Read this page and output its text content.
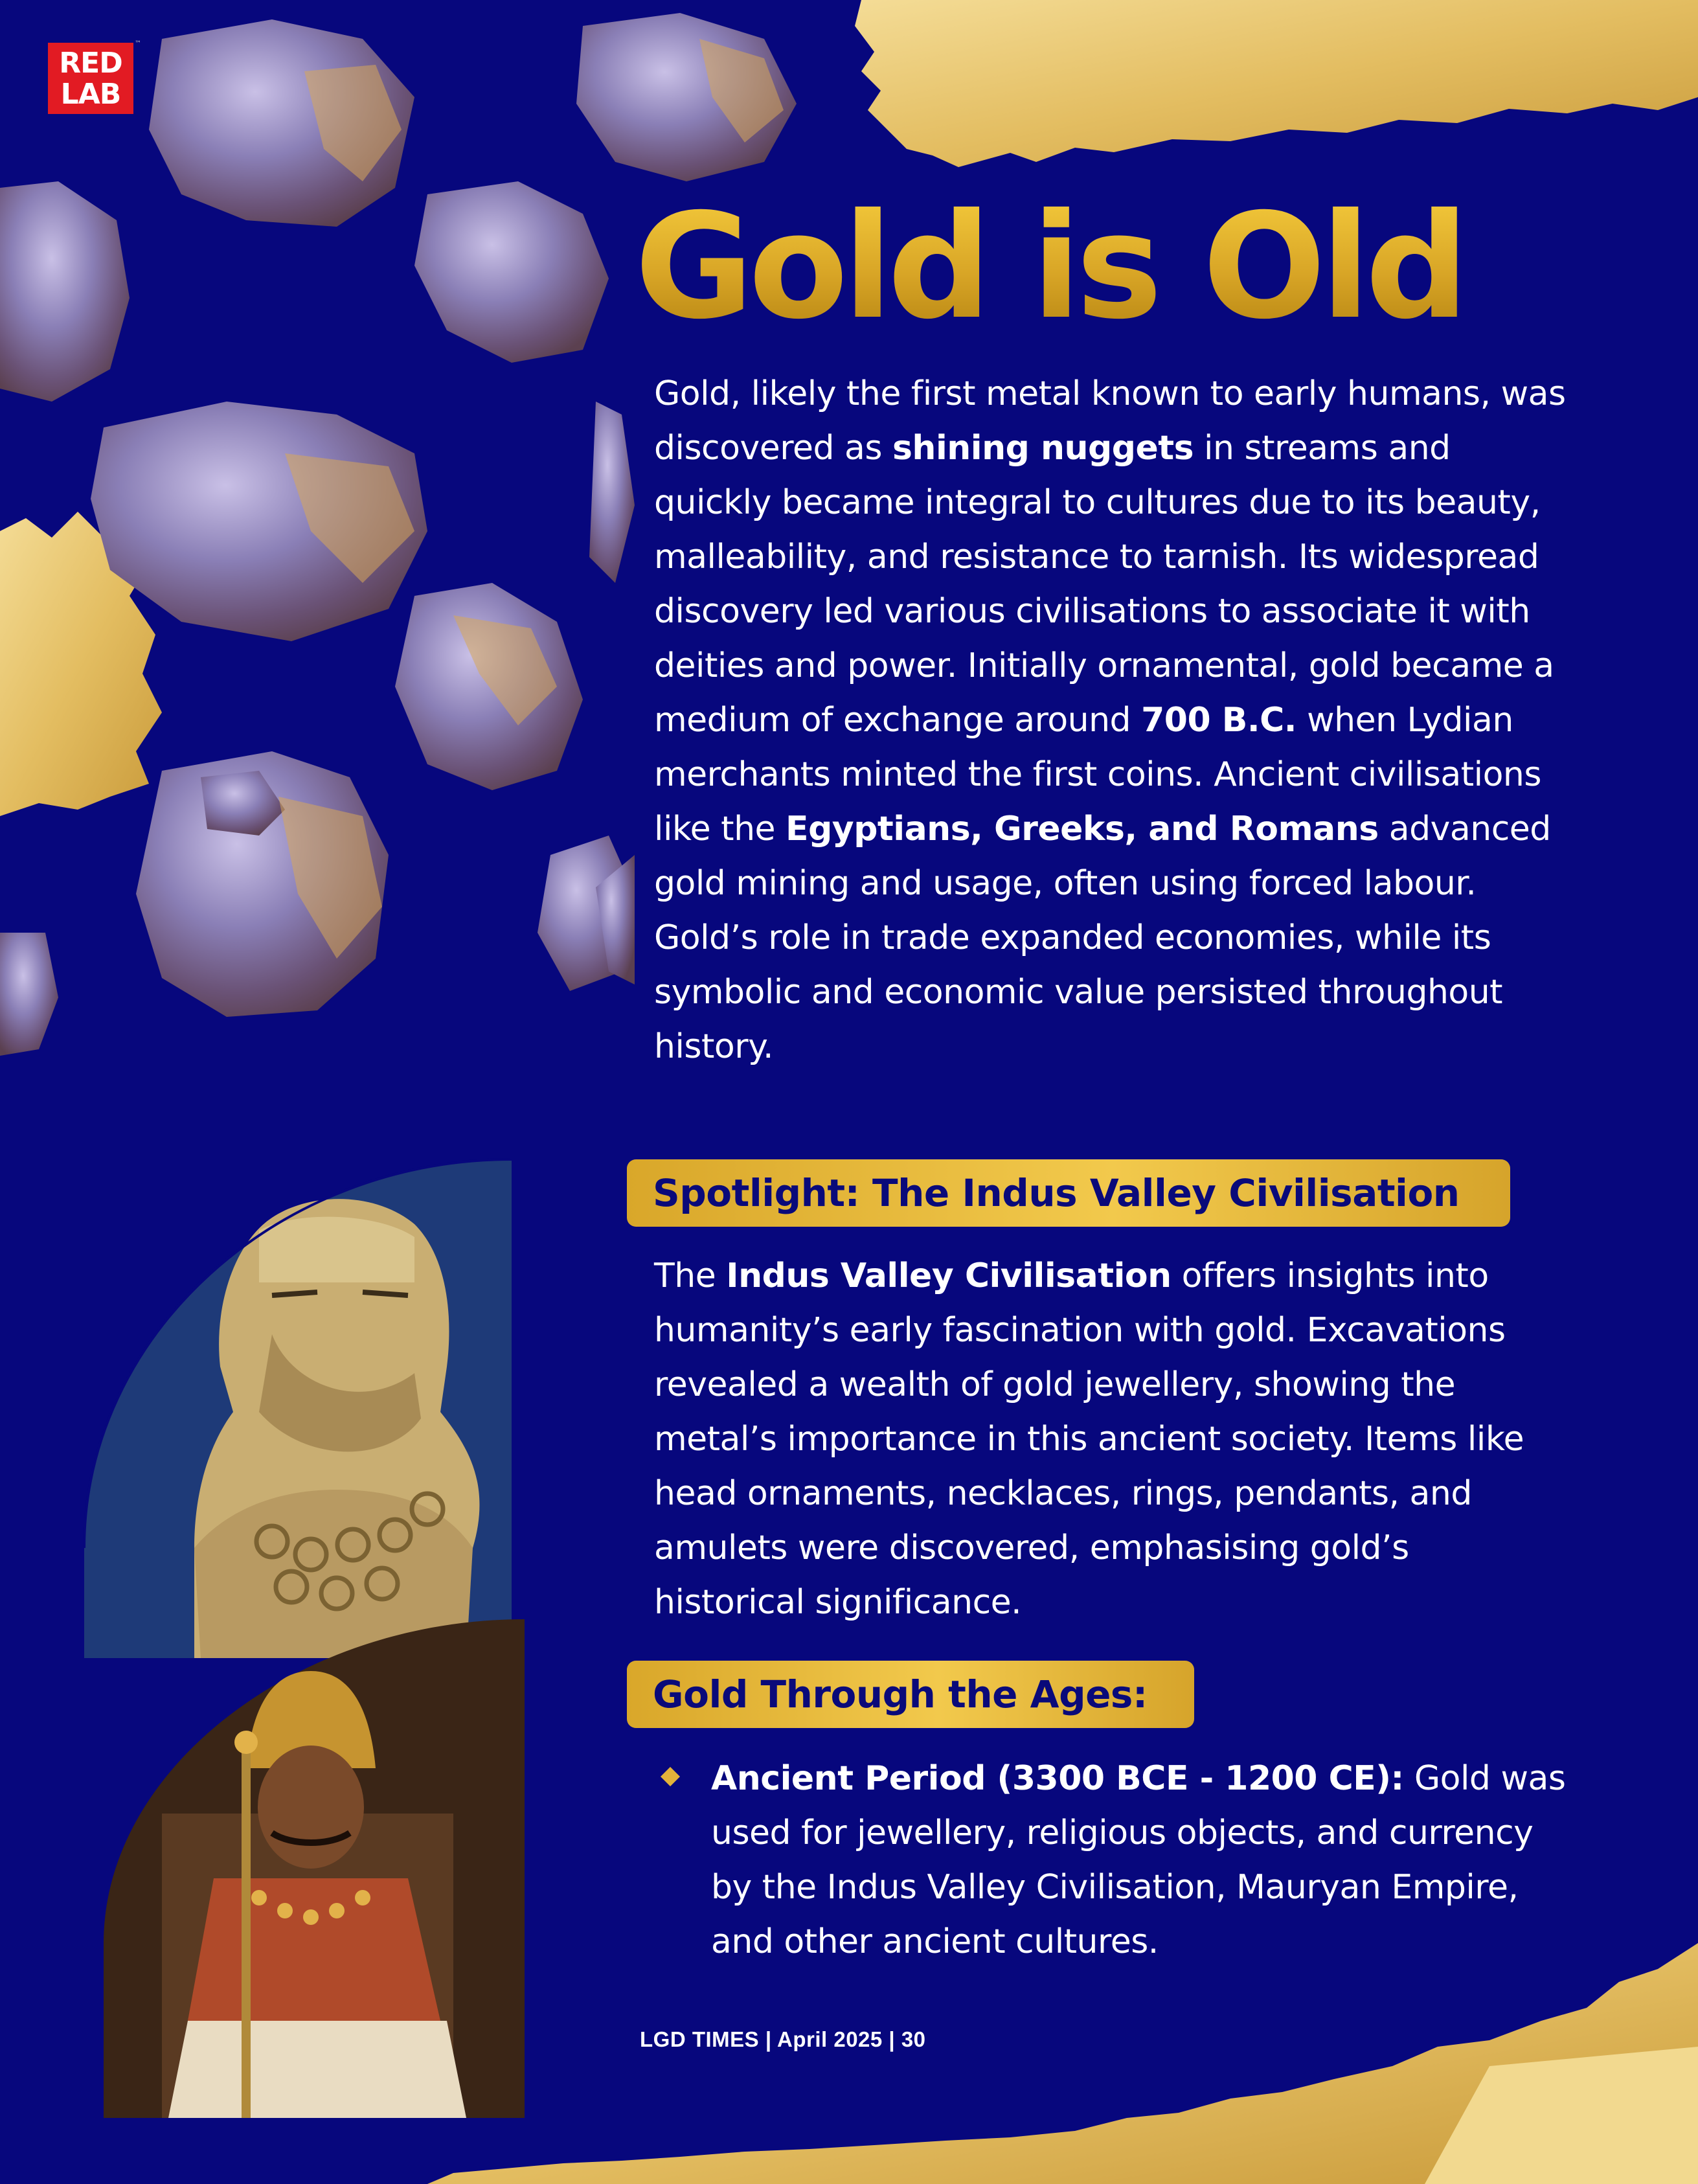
RED
LAB
™
Gold is Old
Gold, likely the first metal known to early humans, was discovered as shining nuggets in streams and quickly became integral to cultures due to its beauty, malleability, and resistance to tarnish. Its widespread discovery led various civilisations to associate it with deities and power. Initially ornamental, gold became a medium of exchange around 700 B.C. when Lydian merchants minted the first coins. Ancient civilisations like the Egyptians, Greeks, and Romans advanced gold mining and usage, often using forced labour. Gold’s role in trade expanded economies, while its symbolic and economic value persisted throughout history.
Spotlight: The Indus Valley Civilisation
The Indus Valley Civilisation offers insights into humanity’s early fascination with gold. Excavations revealed a wealth of gold jewellery, showing the metal’s importance in this ancient society. Items like head ornaments, necklaces, rings, pendants, and amulets were discovered, emphasising gold’s historical significance.
Gold Through the Ages:
Ancient Period (3300 BCE - 1200 CE): Gold was used for jewellery, religious objects, and currency by the Indus Valley Civilisation, Mauryan Empire, and other ancient cultures.
LGD TIMES | April 2025 | 30
